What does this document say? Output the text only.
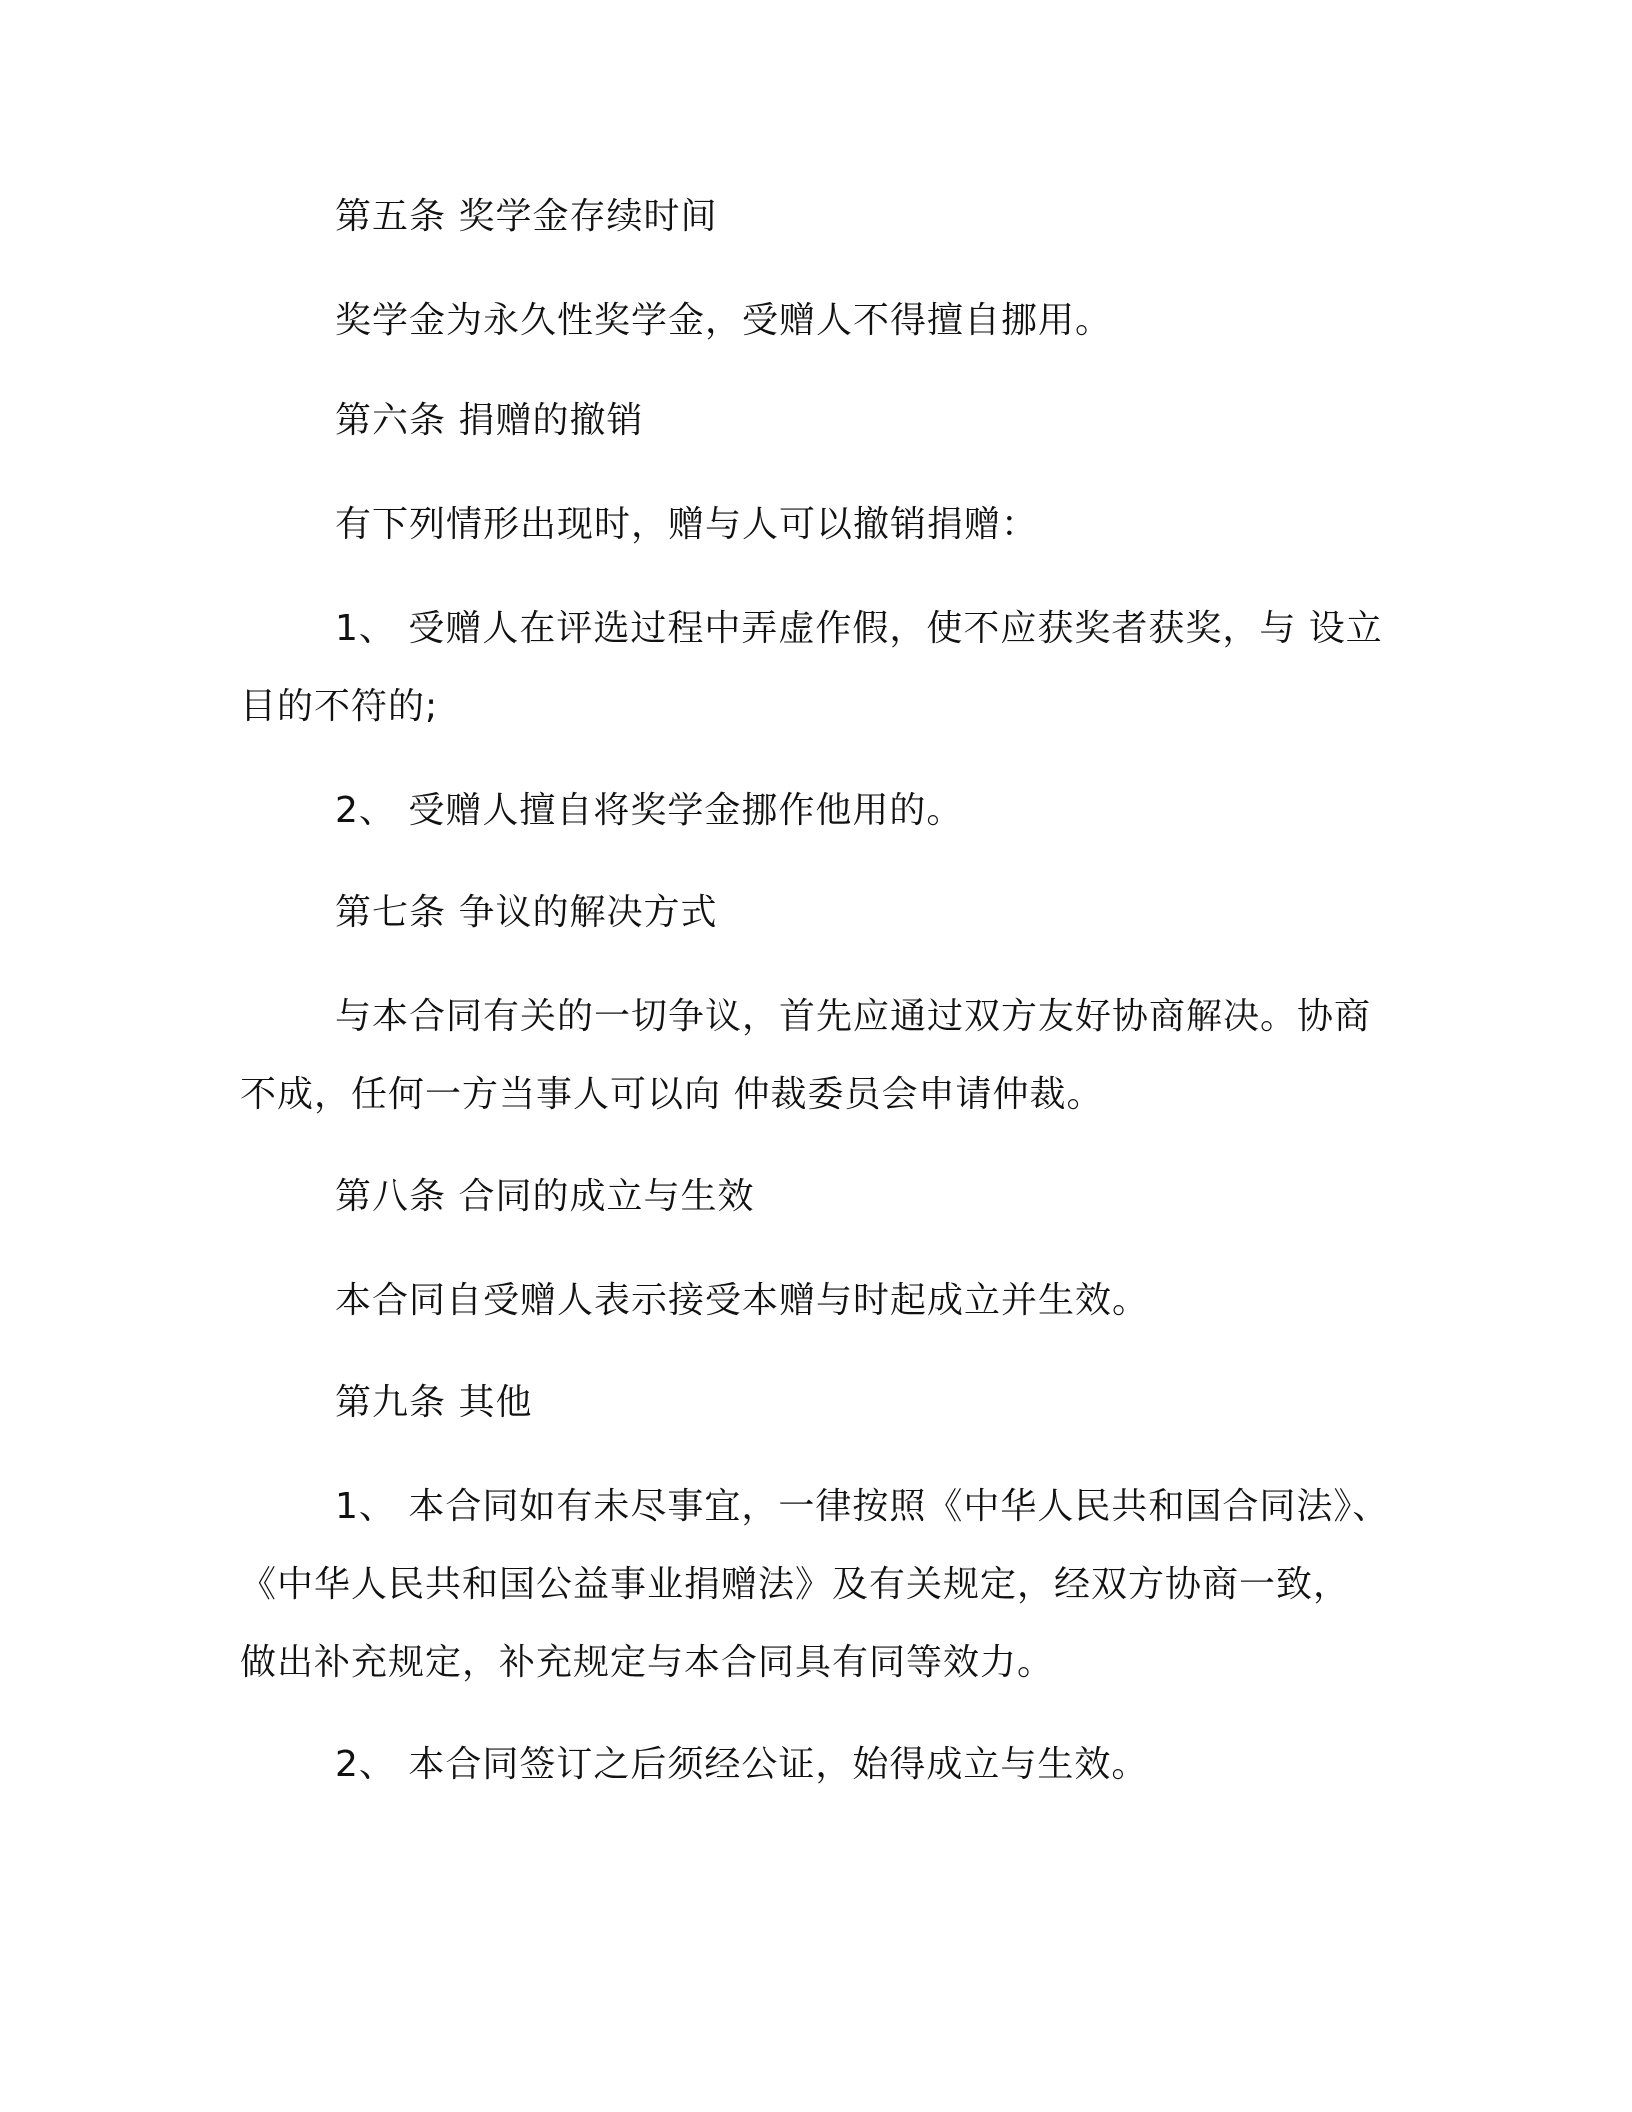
第五条 奖学金存续时间
奖学金为永久性奖学金，受赠人不得擅自挪用。
第六条 捐赠的撤销
有下列情形出现时，赠与人可以撤销捐赠：
1、 受赠人在评选过程中弄虚作假，使不应获奖者获奖，与 设立
目的不符的;
2、 受赠人擅自将奖学金挪作他用的。
第七条 争议的解决方式
与本合同有关的一切争议，首先应通过双方友好协商解决。协商
不成，任何一方当事人可以向 仲裁委员会申请仲裁。
第八条 合同的成立与生效
本合同自受赠人表示接受本赠与时起成立并生效。
第九条 其他
1、 本合同如有未尽事宜，一律按照《中华人民共和国合同法》、
《中华人民共和国公益事业捐赠法》及有关规定，经双方协商一致，
做出补充规定，补充规定与本合同具有同等效力。
2、 本合同签订之后须经公证，始得成立与生效。
